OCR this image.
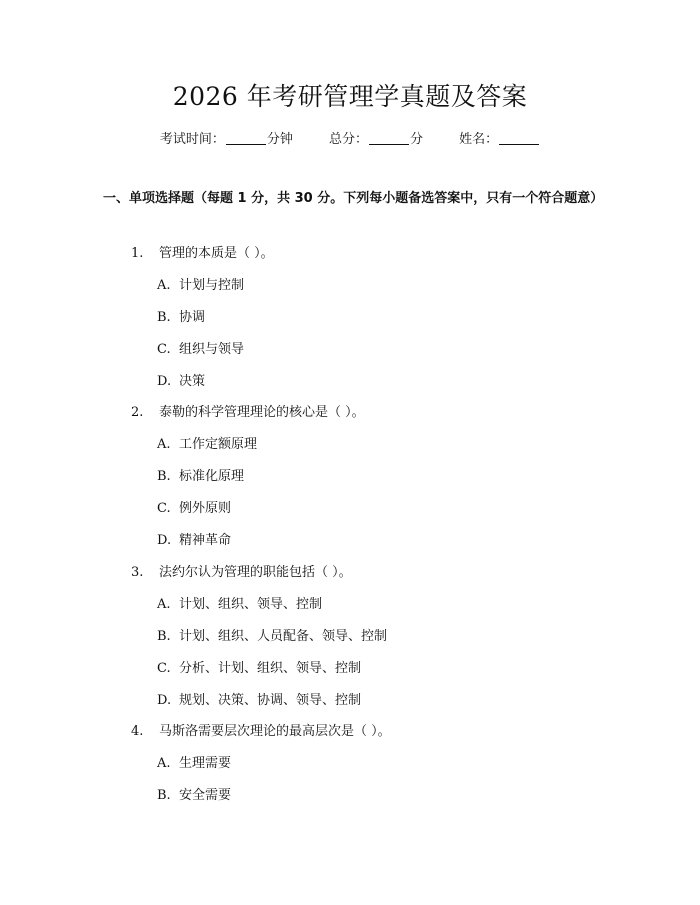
2026 年考研管理学真题及答案
考试时间：	分钟	总分：	分	姓名：
一、单项选择题（每题 1 分，共 30 分。下列每小题备选答案中，只有一个符合题意）
1. 管理的本质是（ ）。
A. 计划与控制
B. 协调
C. 组织与领导
D. 决策
2. 泰勒的科学管理理论的核心是（ ）。
A. 工作定额原理
B. 标准化原理
C. 例外原则
D. 精神革命
3. 法约尔认为管理的职能包括（ ）。
A. 计划、组织、领导、控制
B. 计划、组织、人员配备、领导、控制
C. 分析、计划、组织、领导、控制
D. 规划、决策、协调、领导、控制
4. 马斯洛需要层次理论的最高层次是（ ）。
A. 生理需要
B. 安全需要
